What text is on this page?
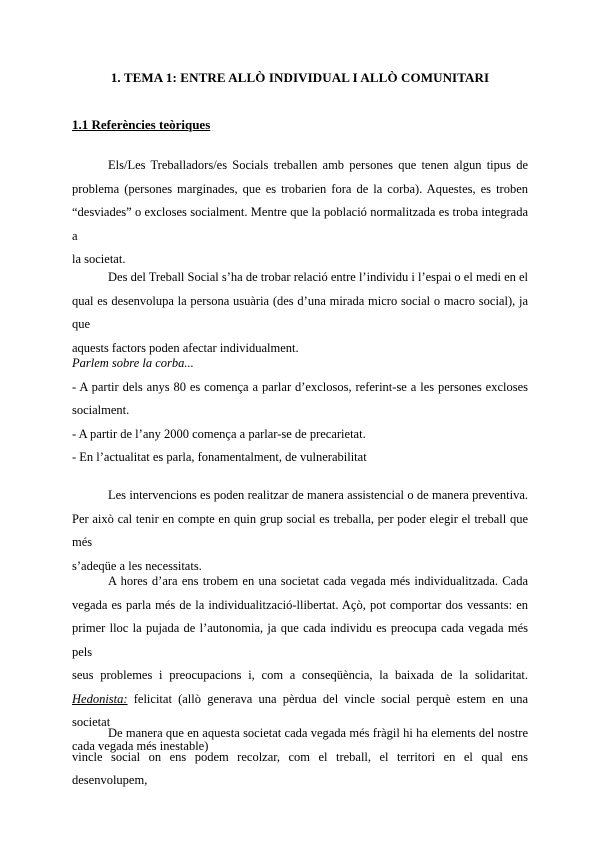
1. TEMA 1: ENTRE ALLÒ INDIVIDUAL I ALLÒ COMUNITARI
1.1 Referències teòriques
Els/Les Treballadors/es Socials treballen amb persones que tenen algun tipus de
problema (persones marginades, que es trobarien fora de la corba). Aquestes, es troben
“desviades” o excloses socialment. Mentre que la població normalitzada es troba integrada a
la societat.
Des del Treball Social s’ha de trobar relació entre l’individu i l’espai o el medi en el
qual es desenvolupa la persona usuària (des d’una mirada micro social o macro social), ja que
aquests factors poden afectar individualment.
Parlem sobre la corba...
- A partir dels anys 80 es comença a parlar d’exclosos, referint-se a les persones excloses
socialment.
- A partir de l’any 2000 comença a parlar-se de precarietat.
- En l’actualitat es parla, fonamentalment, de vulnerabilitat
Les intervencions es poden realitzar de manera assistencial o de manera preventiva.
Per això cal tenir en compte en quin grup social es treballa, per poder elegir el treball que més
s’adeqüe a les necessitats.
A hores d’ara ens trobem en una societat cada vegada més individualitzada. Cada
vegada es parla més de la individualització-llibertat. Açò, pot comportar dos vessants: en
primer lloc la pujada de l’autonomia, ja que cada individu es preocupa cada vegada més pels
seus problemes i preocupacions i, com a conseqüència, la baixada de la solidaritat.
Hedonista: felicitat (allò generava una pèrdua del vincle social perquè estem en una societat
cada vegada més inestable)
De manera que en aquesta societat cada vegada més fràgil hi ha elements del nostre
vincle social on ens podem recolzar, com el treball, el territori en el qual ens desenvolupem,
